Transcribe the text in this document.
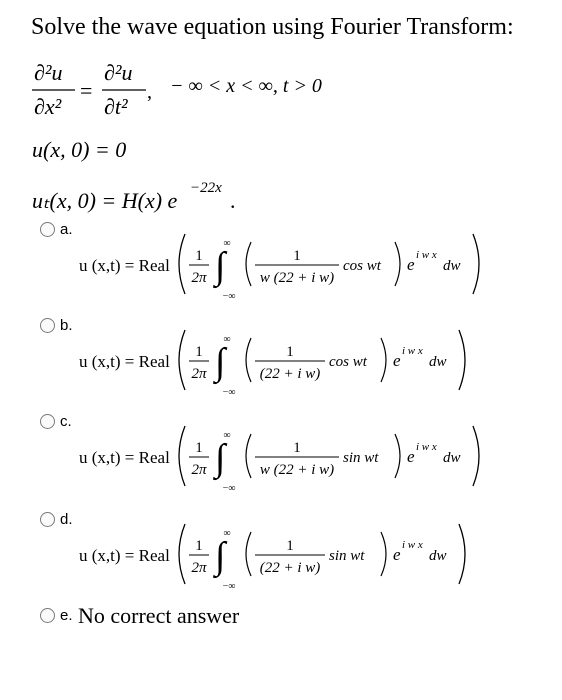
Solve the wave equation using Fourier Transform:
∂²u
∂x²
=
∂²u
∂t²
, − ∞ < x < ∞, t > 0
u(x, 0) = 0
uₜ(x, 0) = H(x) e −22x .
a.
u (x,t) = Real 1
2π
∞
∫
−∞
1
w (22 + i w)
cos wt e i w x
dw
b.
u (x,t) = Real 1
2π
∞
∫
−∞
1
(22 + i w)
cos wt e i w x
dw
c.
u (x,t) = Real 1
2π
∞
∫
−∞
1
w (22 + i w)
sin wt e i w x
dw
d.
u (x,t) = Real 1
2π
∞
∫
−∞
1
(22 + i w)
sin wt e i w x
dw
e. No correct answer
